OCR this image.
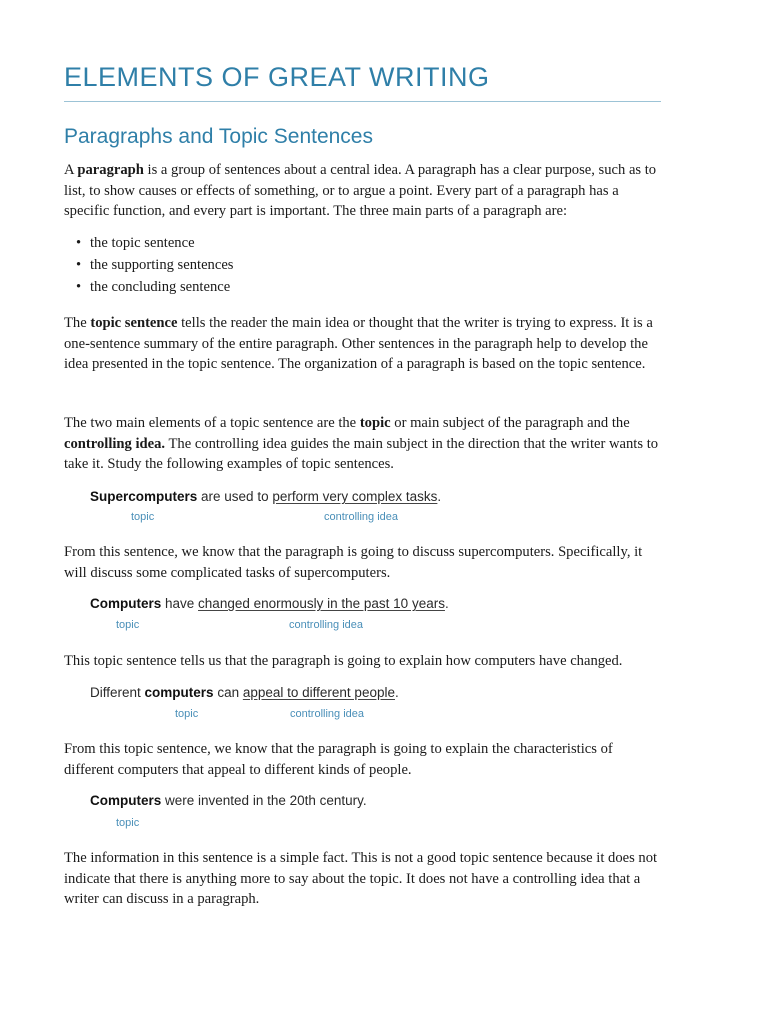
ELEMENTS OF GREAT WRITING
Paragraphs and Topic Sentences

A paragraph is a group of sentences about a central idea. A paragraph has a clear purpose, such as to list, to show causes or effects of something, or to argue a point. Every part of a paragraph has a specific function, and every part is important. The three main parts of a paragraph are:

• the topic sentence
• the supporting sentences
• the concluding sentence

The topic sentence tells the reader the main idea or thought that the writer is trying to express. It is a one-sentence summary of the entire paragraph. Other sentences in the paragraph help to develop the idea presented in the topic sentence. The organization of a paragraph is based on the topic sentence.

The two main elements of a topic sentence are the topic or main subject of the paragraph and the controlling idea. The controlling idea guides the main subject in the direction that the writer wants to take it. Study the following examples of topic sentences.

Supercomputers are used to perform very complex tasks.
topic	controlling idea

From this sentence, we know that the paragraph is going to discuss supercomputers. Specifically, it will discuss some complicated tasks of supercomputers.

Computers have changed enormously in the past 10 years.
topic	controlling idea

This topic sentence tells us that the paragraph is going to explain how computers have changed.

Different computers can appeal to different people.
topic	controlling idea

From this topic sentence, we know that the paragraph is going to explain the characteristics of different computers that appeal to different kinds of people.

Computers were invented in the 20th century.
topic

The information in this sentence is a simple fact. This is not a good topic sentence because it does not indicate that there is anything more to say about the topic. It does not have a controlling idea that a writer can discuss in a paragraph.
